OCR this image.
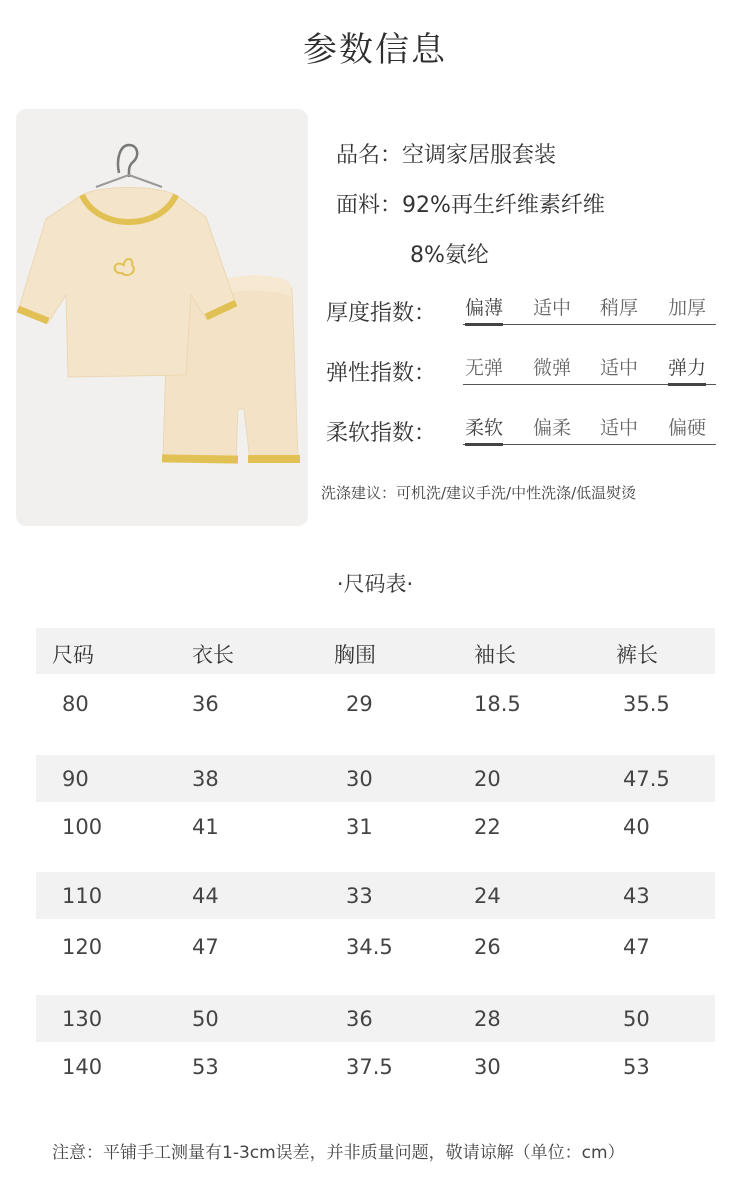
参数信息
品名：空调家居服套装
面料：92%再生纤维素纤维
8%氨纶
厚度指数： 偏薄 适中 稍厚 加厚
弹性指数： 无弹 微弹 适中 弹力
柔软指数： 柔软 偏柔 适中 偏硬
洗涤建议：可机洗/建议手洗/中性洗涤/低温熨烫
·尺码表·
尺码	衣长	胸围	袖长	裤长
80	36	29	18.5	35.5
90	38	30	20	47.5
100	41	31	22	40
110	44	33	24	43
120	47	34.5	26	47
130	50	36	28	50
140	53	37.5	30	53
注意：平铺手工测量有1-3cm误差，并非质量问题，敬请谅解（单位：cm）
